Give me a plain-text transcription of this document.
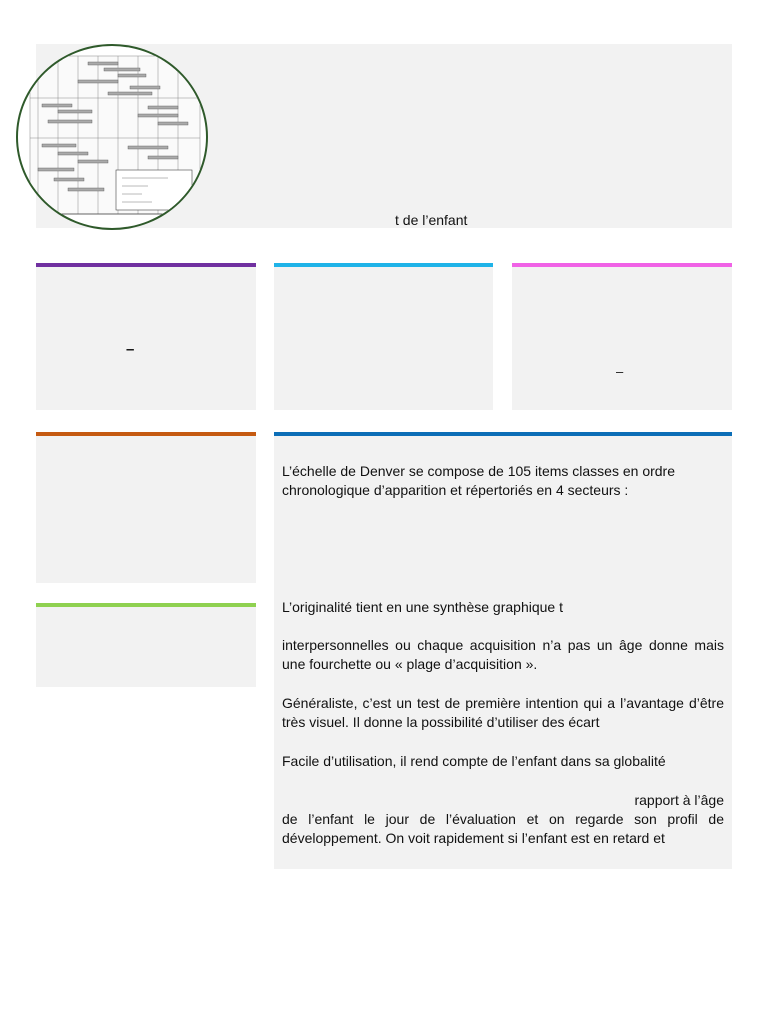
t de l’enfant
–
–

L’échelle de Denver se compose de 105 items classes en ordre chronologique d’apparition et répertoriés en 4 secteurs :

L’originalité tient en une synthèse graphique t

interpersonnelles ou chaque acquisition n’a pas un âge donne mais une fourchette ou « plage d’acquisition ».

Généraliste, c’est un test de première intention qui a l’avantage d’être très visuel. Il donne la possibilité d’utiliser des écart

Facile d’utilisation, il rend compte de l’enfant dans sa globalité

rapport à l’âge
de l’enfant le jour de l’évaluation et on regarde son profil de développement. On voit rapidement si l’enfant est en retard et
